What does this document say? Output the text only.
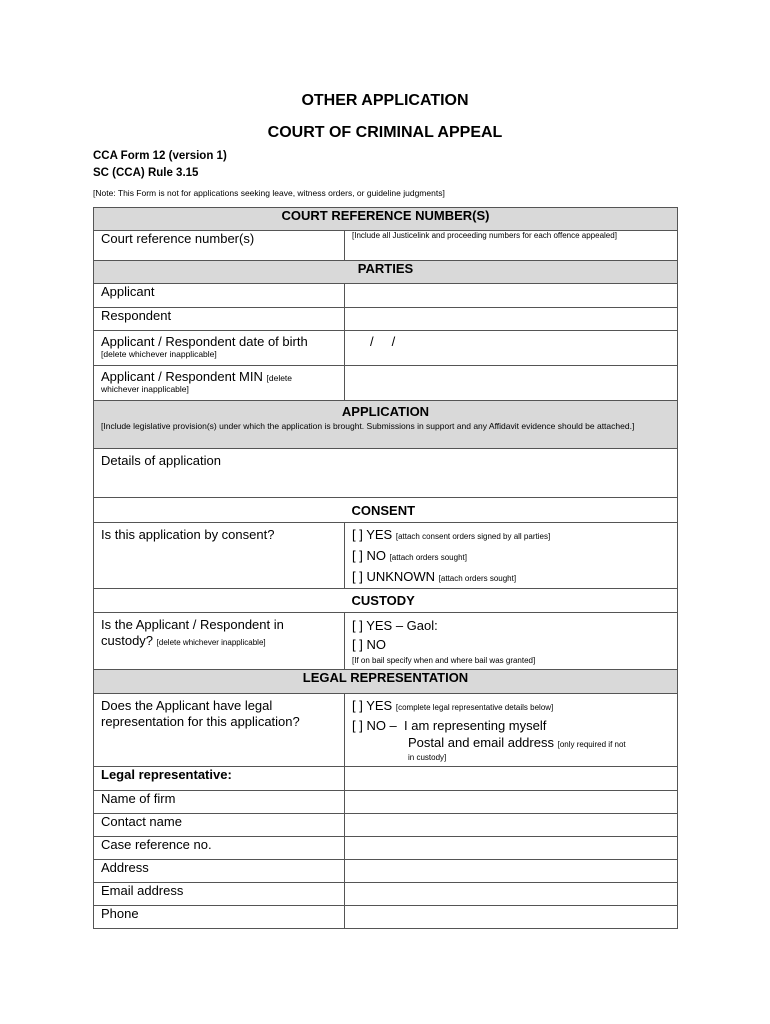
OTHER APPLICATION
COURT OF CRIMINAL APPEAL
CCA Form 12 (version 1)
SC (CCA) Rule 3.15
[Note: This Form is not for applications seeking leave, witness orders, or guideline judgments]
COURT REFERENCE NUMBER(S)	
Court reference number(s)	[Include all Justicelink and proceeding numbers for each offence appealed]

PARTIES	
Applicant	
Respondent	

Applicant / Respondent date of birth
[delete whichever inapplicable]	/     /
Applicant / Respondent MIN [delete
whichever inapplicable]	

APPLICATION
[Include legislative provision(s) under which the application is brought. Submissions in support and any Affidavit evidence should be attached.]	

Details of application	
	CONSENT
Is this application by consent?	[ ] YES [attach consent orders signed by all parties]
[ ] NO [attach orders sought]
[ ] UNKNOWN [attach orders sought]

	CUSTODY

Is the Applicant / Respondent in
custody? [delete whichever inapplicable]	[ ] YES – Gaol:
[ ] NO
[If on bail specify when and where bail was granted]

LEGAL REPRESENTATION	
Does the Applicant have legal representation for this application?	[ ] YES [complete legal representative details below]
[ ] NO –  I am representing myself
Postal and email address [only required if not
in custody]

Legal representative:	
Name of firm	
Contact name	
Case reference no.	
Address	
Email address	
Phone	
